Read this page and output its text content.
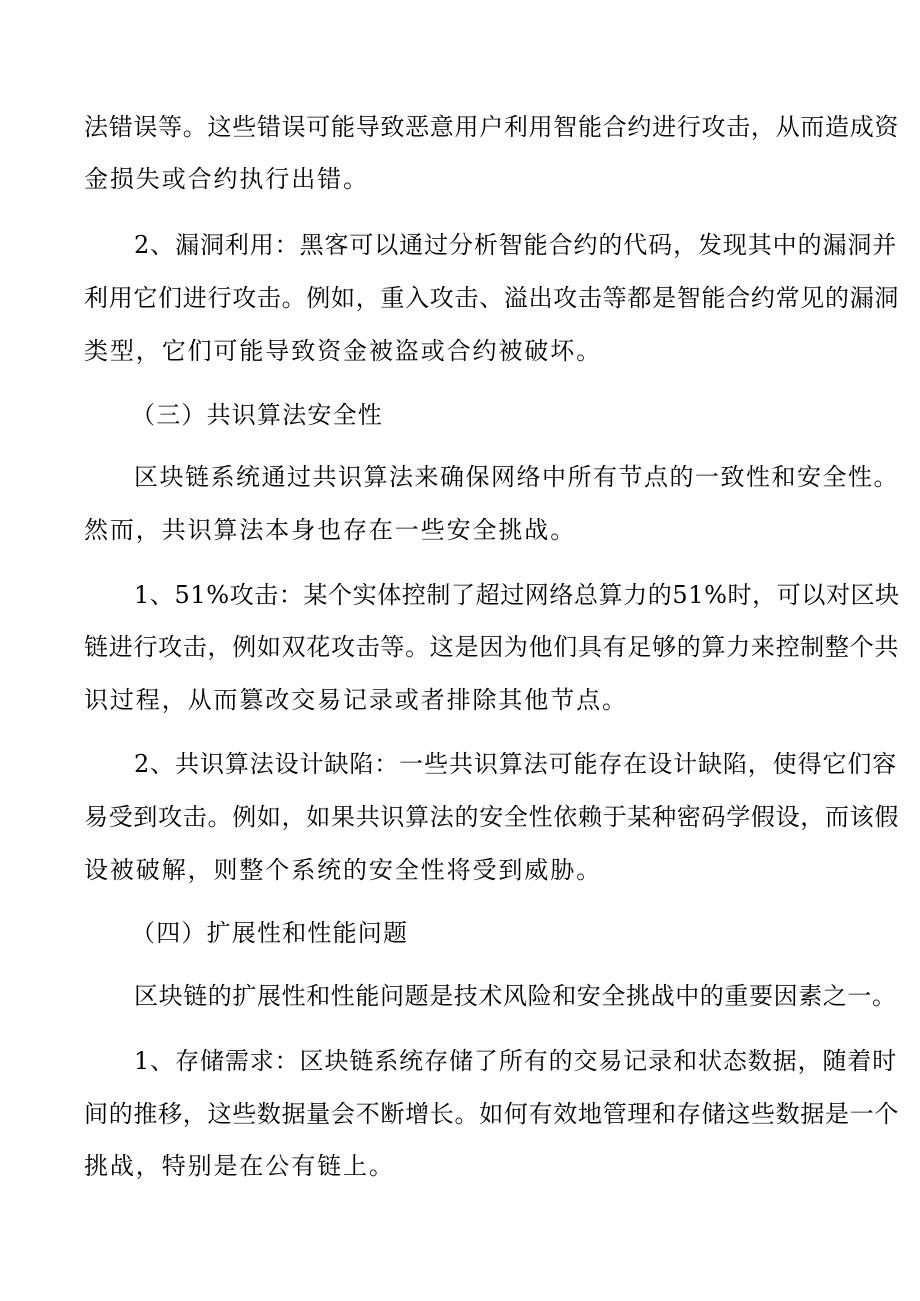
法错误等。这些错误可能导致恶意用户利用智能合约进行攻击，从而造成资
金损失或合约执行出错。
2、漏洞利用：黑客可以通过分析智能合约的代码，发现其中的漏洞并
利用它们进行攻击。例如，重入攻击、溢出攻击等都是智能合约常见的漏洞
类型，它们可能导致资金被盗或合约被破坏。
（三）共识算法安全性
区块链系统通过共识算法来确保网络中所有节点的一致性和安全性。
然而，共识算法本身也存在一些安全挑战。
1、51%攻击：某个实体控制了超过网络总算力的51%时，可以对区块
链进行攻击，例如双花攻击等。这是因为他们具有足够的算力来控制整个共
识过程，从而篡改交易记录或者排除其他节点。
2、共识算法设计缺陷：一些共识算法可能存在设计缺陷，使得它们容
易受到攻击。例如，如果共识算法的安全性依赖于某种密码学假设，而该假
设被破解，则整个系统的安全性将受到威胁。
（四）扩展性和性能问题
区块链的扩展性和性能问题是技术风险和安全挑战中的重要因素之一。
1、存储需求：区块链系统存储了所有的交易记录和状态数据，随着时
间的推移，这些数据量会不断增长。如何有效地管理和存储这些数据是一个
挑战，特别是在公有链上。
